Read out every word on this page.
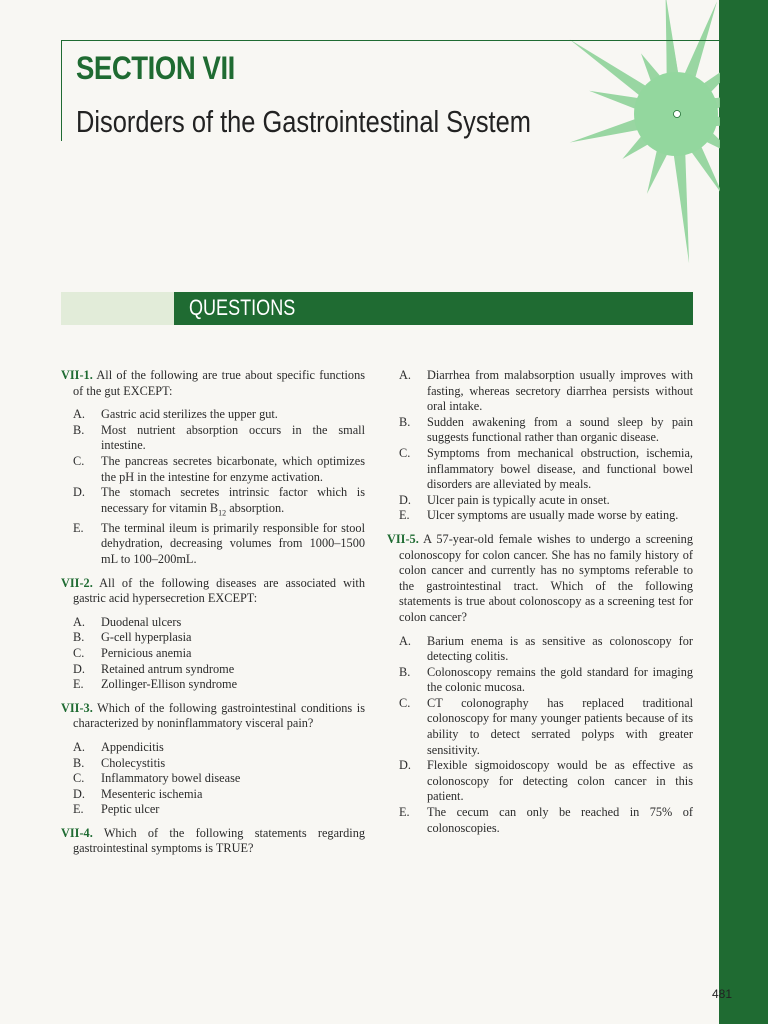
SECTION VII
Disorders of the Gastrointestinal System
QUESTIONS

VII-1. All of the following are true about specific functions of the gut EXCEPT:

A. Gastric acid sterilizes the upper gut.
B. Most nutrient absorption occurs in the small intestine.
C. The pancreas secretes bicarbonate, which optimizes the pH in the intestine for enzyme activation.
D. The stomach secretes intrinsic factor which is necessary for vitamin $B_{12}$ absorption.
E. The terminal ileum is primarily responsible for stool dehydration, decreasing volumes from 1000–1500 mL to 100–200mL.

VII-2. All of the following diseases are associated with gastric acid hypersecretion EXCEPT:

A. Duodenal ulcers
B. G-cell hyperplasia
C. Pernicious anemia
D. Retained antrum syndrome
E. Zollinger-Ellison syndrome

VII-3. Which of the following gastrointestinal conditions is characterized by noninflammatory visceral pain?

A. Appendicitis
B. Cholecystitis
C. Inflammatory bowel disease
D. Mesenteric ischemia
E. Peptic ulcer

VII-4. Which of the following statements regarding gastrointestinal symptoms is TRUE?

A. Diarrhea from malabsorption usually improves with fasting, whereas secretory diarrhea persists without oral intake.
B. Sudden awakening from a sound sleep by pain suggests functional rather than organic disease.
C. Symptoms from mechanical obstruction, ischemia, inflammatory bowel disease, and functional bowel disorders are alleviated by meals.
D. Ulcer pain is typically acute in onset.
E. Ulcer symptoms are usually made worse by eating.

VII-5. A 57-year-old female wishes to undergo a screening colonoscopy for colon cancer. She has no family history of colon cancer and currently has no symptoms referable to the gastrointestinal tract. Which of the following statements is true about colonoscopy as a screening test for colon cancer?

A. Barium enema is as sensitive as colonoscopy for detecting colitis.
B. Colonoscopy remains the gold standard for imaging the colonic mucosa.
C. CT colonography has replaced traditional colonoscopy for many younger patients because of its ability to detect serrated polyps with greater sensitivity.
D. Flexible sigmoidoscopy would be as effective as colonoscopy for detecting colon cancer in this patient.
E. The cecum can only be reached in 75% of colonoscopies.
481
